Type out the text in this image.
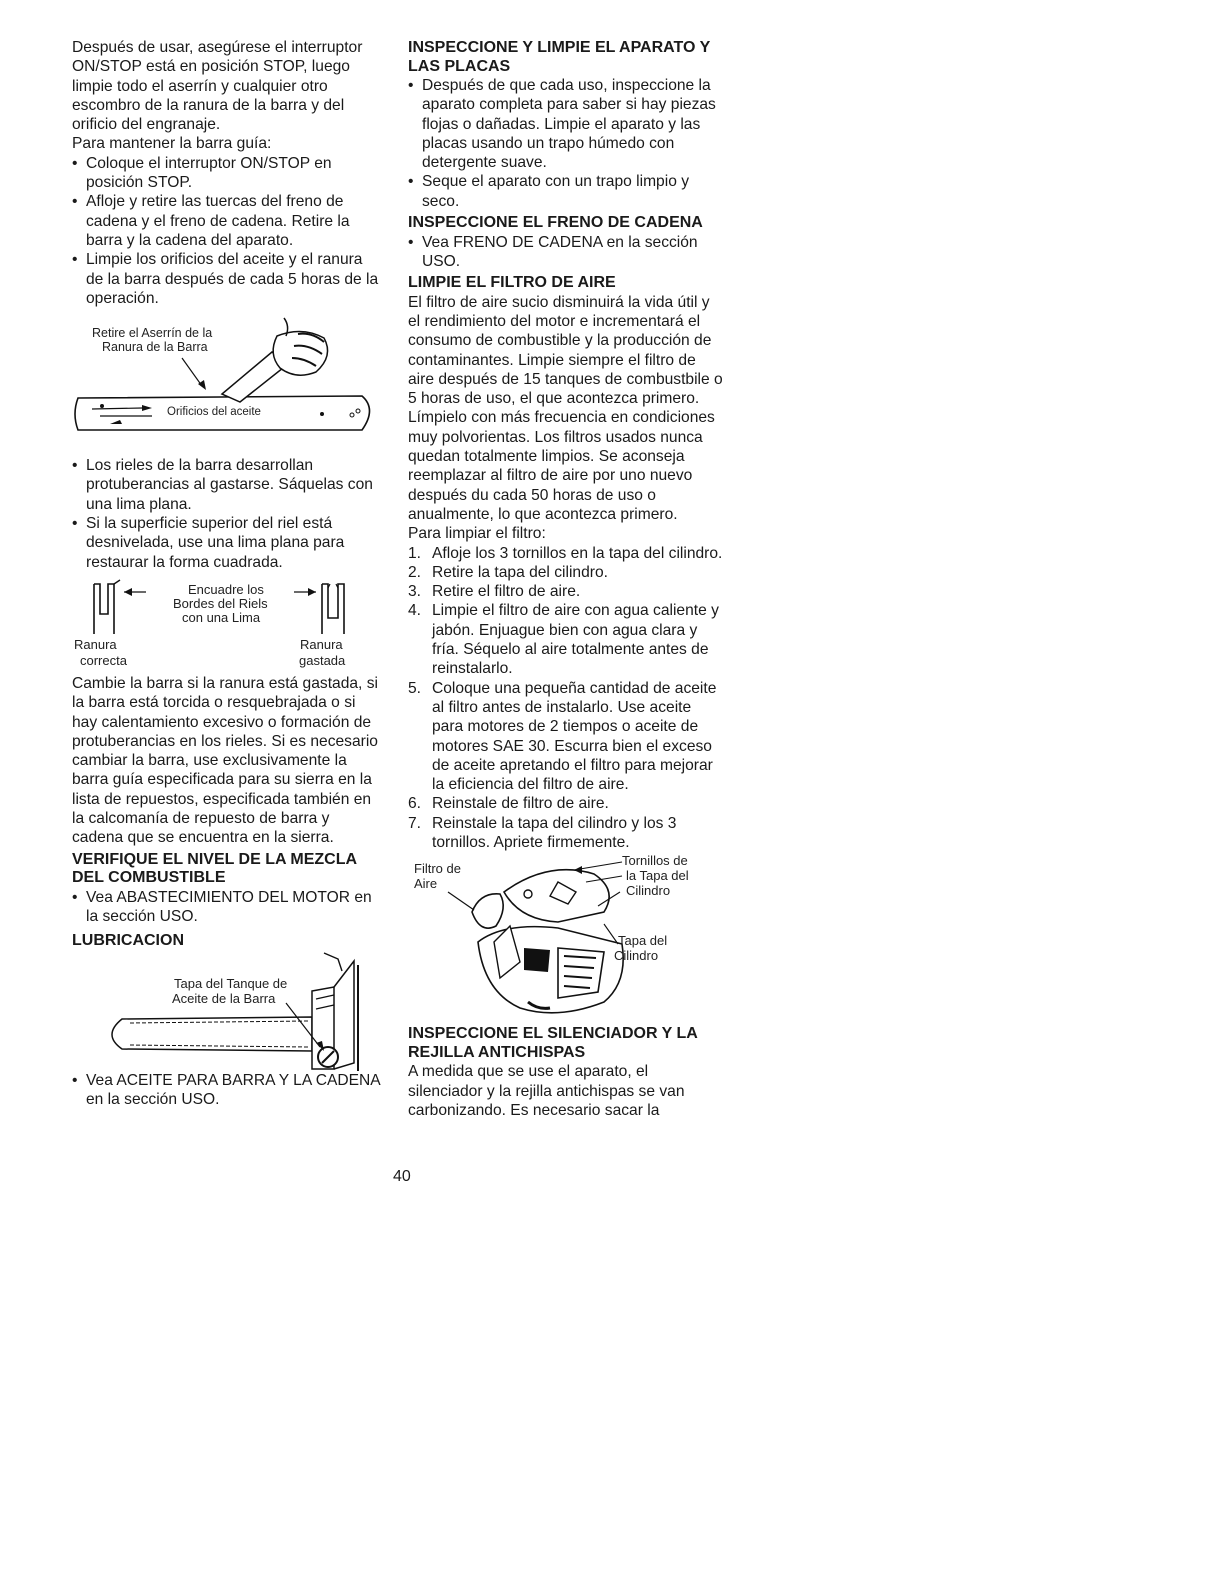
Después de usar, asegúrese el interruptor ON/STOP está en posición STOP, luego limpie todo el aserrín y cualquier otro escombro de la ranura de la barra y del orificio del engranaje.

Para mantener la barra guía:

• Coloque el interruptor ON/STOP en posición STOP.

• Afloje y retire las tuercas del freno de cadena y el freno de cadena. Retire la barra y la cadena del aparato.

• Limpie los orificios del aceite y el ranura de la barra después de cada 5 horas de la operación.

Retire el Aserrín de la
Ranura de la Barra
Orificios del aceite

• Los rieles de la barra desarrollan protuberancias al gastarse. Sáquelas con una lima plana.

• Si la superficie superior del riel está desnivelada, use una lima plana para restaurar la forma cuadrada.

Encuadre los
Bordes del Riels
con una Lima
Ranura
correcta
Ranura
gastada

Cambie la barra si la ranura está gastada, si la barra está torcida o resquebrajada o si hay calentamiento excesivo o formación de protuberancias en los rieles. Si es necesario cambiar la barra, use exclusivamente la barra guía especificada para su sierra en la lista de repuestos, especificada también en la calcomanía de repuesto de barra y cadena que se encuentra en la sierra.

VERIFIQUE EL NIVEL DE LA MEZCLA DEL COMBUSTIBLE

• Vea ABASTECIMIENTO DEL MOTOR en la sección USO.

LUBRICACION

Tapa del Tanque de
Aceite de la Barra

• Vea ACEITE PARA BARRA Y LA CADENA en la sección USO.

INSPECCIONE Y LIMPIE EL APARATO Y LAS PLACAS

• Después de que cada uso, inspeccione la aparato completa para saber si hay piezas flojas o dañadas. Limpie el aparato y las placas usando un trapo húmedo con detergente suave.

• Seque el aparato con un trapo limpio y seco.

INSPECCIONE EL FRENO DE CADENA

• Vea FRENO DE CADENA en la sección USO.

LIMPIE EL FILTRO DE AIRE

El filtro de aire sucio disminuirá la vida útil y el rendimiento del motor e incrementará el consumo de combustible y la producción de contaminantes. Limpie siempre el filtro de aire después de 15 tanques de combustbile o 5 horas de uso, el que acontezca primero. Límpielo con más frecuencia en condiciones muy polvorientas. Los filtros usados nunca quedan totalmente limpios. Se aconseja reemplazar al filtro de aire por uno nuevo después du cada 50 horas de uso o anualmente, lo que acontezca primero.

Para limpiar el filtro:

1. Afloje los 3 tornillos en la tapa del cilindro.

2. Retire la tapa del cilindro.

3. Retire el filtro de aire.

4. Limpie el filtro de aire con agua caliente y jabón. Enjuague bien con agua clara y fría. Séquelo al aire totalmente antes de reinstalarlo.

5. Coloque una pequeña cantidad de aceite al filtro antes de instalarlo. Use aceite para motores de 2 tiempos o aceite de motores SAE 30. Escurra bien el exceso de aceite apretando el filtro para mejorar la eficiencia del filtro de aire.

6. Reinstale de filtro de aire.

7. Reinstale la tapa del cilindro y los 3 tornillos. Apriete firmemente.

Filtro de
Aire
Tornillos de
la Tapa del
Cilindro
Tapa del
Cilindro

INSPECCIONE EL SILENCIADOR Y LA REJILLA ANTICHISPAS

A medida que se use el aparato, el silenciador y la rejilla antichispas se van carbonizando. Es necesario sacar la

40
